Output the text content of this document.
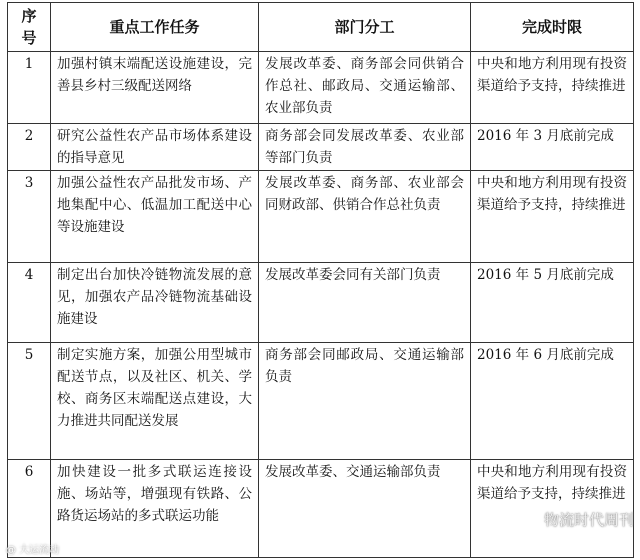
序号	重点工作任务	部门分工	完成时限
1	加强村镇末端配送设施建设，完善县乡村三级配送网络	发展改革委、商务部会同供销合作总社、邮政局、交通运输部、农业部负责	中央和地方利用现有投资渠道给予支持，持续推进
2	研究公益性农产品市场体系建设的指导意见	商务部会同发展改革委、农业部等部门负责	2016 年 3 月底前完成
3	加强公益性农产品批发市场、产地集配中心、低温加工配送中心等设施建设	发展改革委、商务部、农业部会同财政部、供销合作总社负责	中央和地方利用现有投资渠道给予支持，持续推进
4	制定出台加快冷链物流发展的意见，加强农产品冷链物流基础设施建设	发展改革委会同有关部门负责	2016 年 5 月底前完成
5	制定实施方案，加强公用型城市配送节点，以及社区、机关、学校、商务区末端配送点建设，大力推进共同配送发展	商务部会同邮政局、交通运输部负责	2016 年 6 月底前完成
6	加快建设一批多式联运连接设施、场站等，增强现有铁路、公路货运场站的多式联运功能	发展改革委、交通运输部负责	中央和地方利用现有投资渠道给予支持，持续推进
物流时代周刊
@ 大运流动
